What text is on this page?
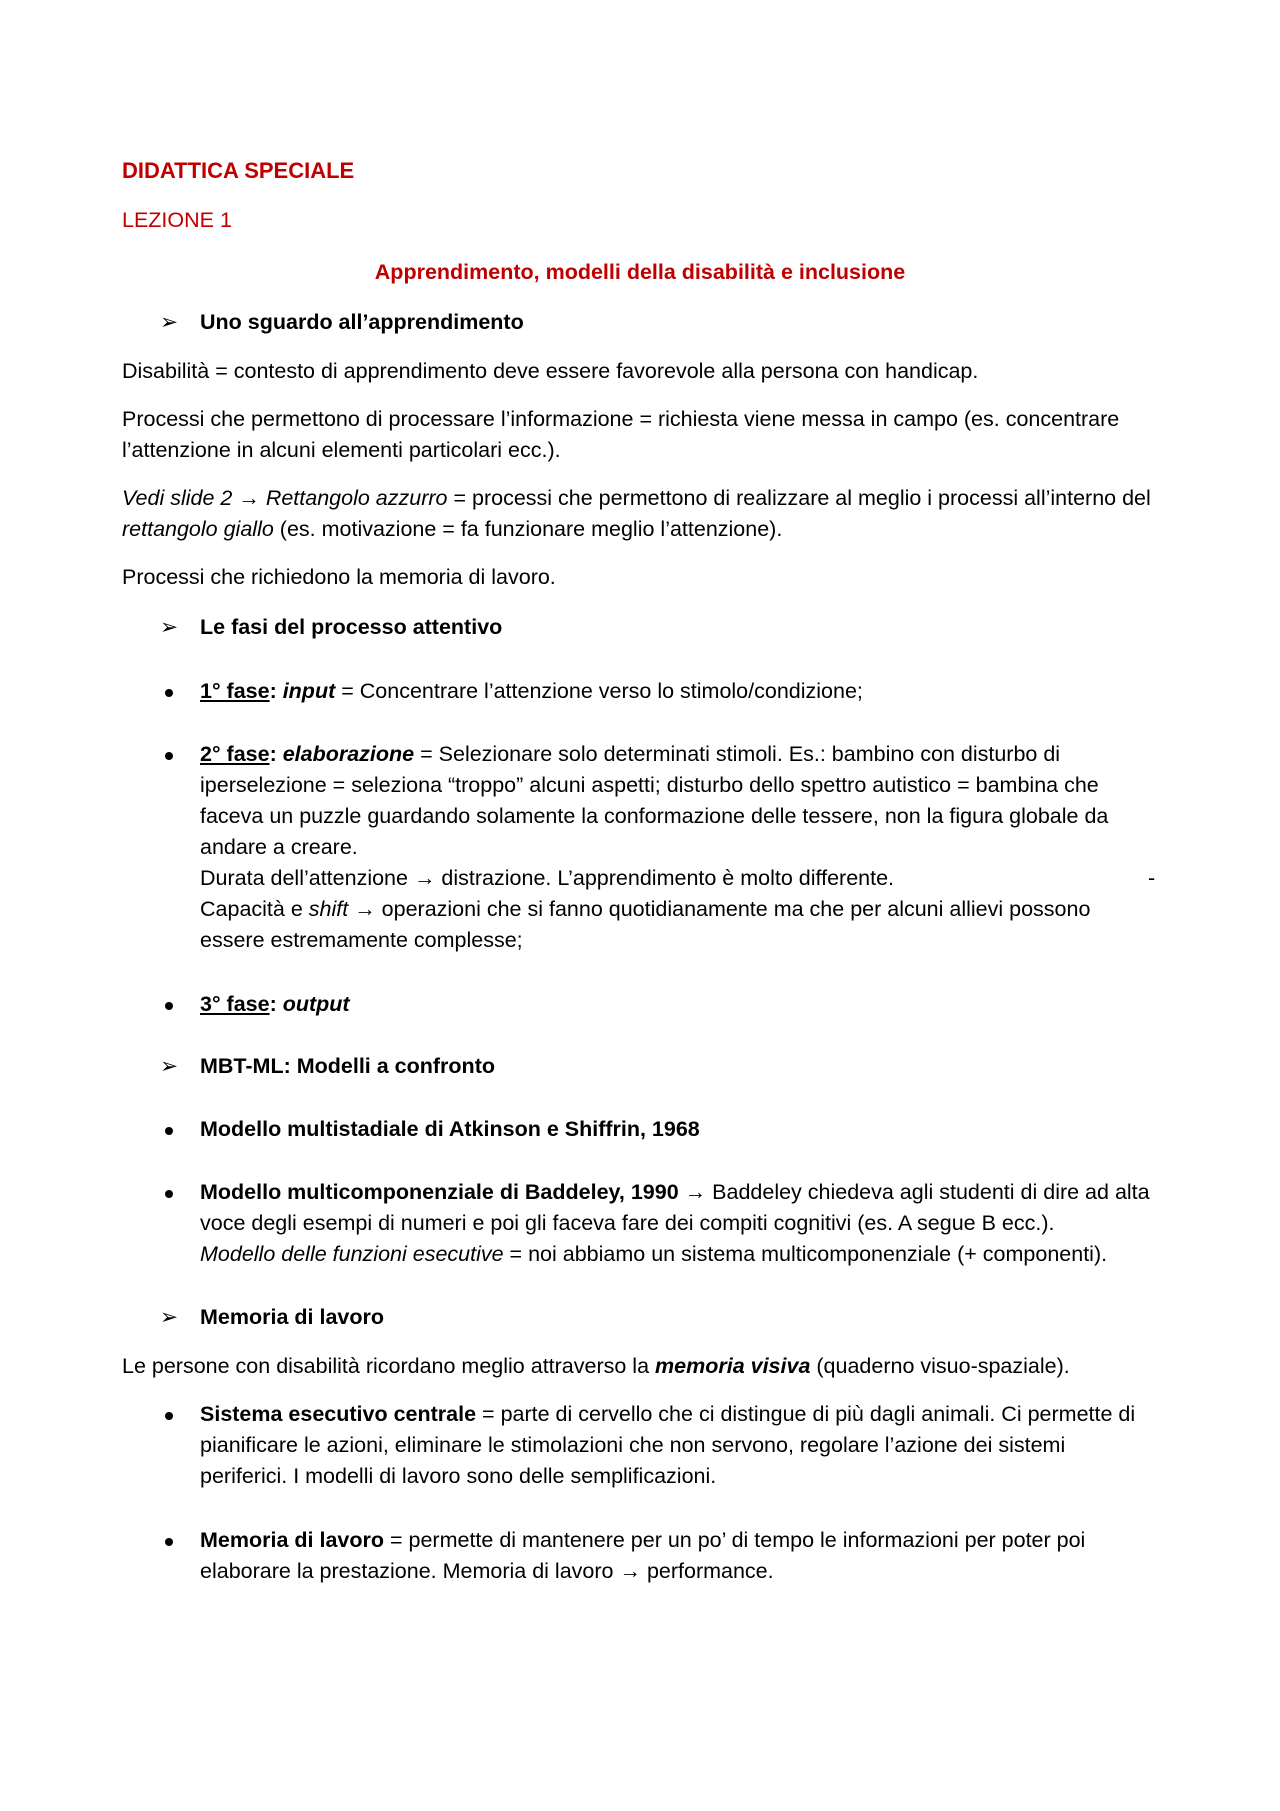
DIDATTICA SPECIALE

LEZIONE 1

Apprendimento, modelli della disabilità e inclusione

➢ Uno sguardo all’apprendimento

Disabilità = contesto di apprendimento deve essere favorevole alla persona con handicap.

Processi che permettono di processare l’informazione = richiesta viene messa in campo (es. concentrare
l’attenzione in alcuni elementi particolari ecc.).
Vedi slide 2 → Rettangolo azzurro = processi che permettono di realizzare al meglio i processi all’interno del
rettangolo giallo (es. motivazione = fa funzionare meglio l’attenzione).

Processi che richiedono la memoria di lavoro.

➢ Le fasi del processo attentivo

1° fase: input = Concentrare l’attenzione verso lo stimolo/condizione;
2° fase: elaborazione = Selezionare solo determinati stimoli. Es.: bambino con disturbo di
iperselezione = seleziona “troppo” alcuni aspetti; disturbo dello spettro autistico = bambina che
faceva un puzzle guardando solamente la conformazione delle tessere, non la figura globale da
andare a creare.
Durata dell’attenzione → distrazione. L’apprendimento è molto differente.
Capacità e shift → operazioni che si fanno quotidianamente ma che per alcuni allievi possono
essere estremamente complesse;
-
3° fase: output

➢ MBT-ML: Modelli a confronto

Modello multistadiale di Atkinson e Shiffrin, 1968
Modello multicomponenziale di Baddeley, 1990 → Baddeley chiedeva agli studenti di dire ad alta
voce degli esempi di numeri e poi gli faceva fare dei compiti cognitivi (es. A segue B ecc.).
Modello delle funzioni esecutive = noi abbiamo un sistema multicomponenziale (+ componenti).

➢ Memoria di lavoro

Le persone con disabilità ricordano meglio attraverso la memoria visiva (quaderno visuo-spaziale).

Sistema esecutivo centrale = parte di cervello che ci distingue di più dagli animali. Ci permette di
pianificare le azioni, eliminare le stimolazioni che non servono, regolare l’azione dei sistemi
periferici. I modelli di lavoro sono delle semplificazioni.
Memoria di lavoro = permette di mantenere per un po’ di tempo le informazioni per poter poi
elaborare la prestazione. Memoria di lavoro → performance.
